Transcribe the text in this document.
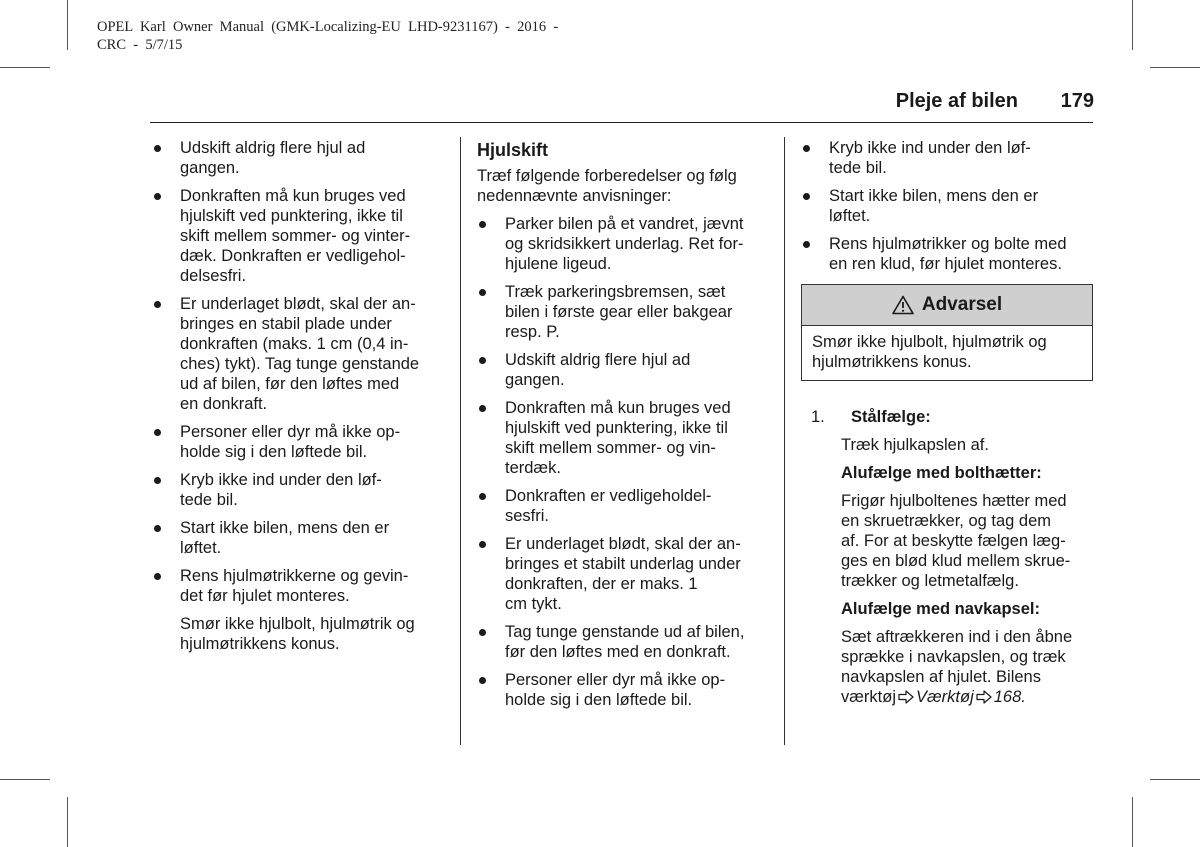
OPEL  Karl  Owner  Manual  (GMK-Localizing-EU  LHD-9231167)  -  2016  -
CRC  -  5/7/15
Pleje af bilen	179
Udskift aldrig flere hjul ad
gangen.
Donkraften må kun bruges ved
hjulskift ved punktering, ikke til
skift mellem sommer- og vinter-
dæk. Donkraften er vedligehol-
delsesfri.
Er underlaget blødt, skal der an-
bringes en stabil plade under
donkraften (maks. 1 cm (0,4 in-
ches) tykt). Tag tunge genstande
ud af bilen, før den løftes med
en donkraft.
Personer eller dyr må ikke op-
holde sig i den løftede bil.
Kryb ikke ind under den løf-
tede bil.
Start ikke bilen, mens den er
løftet.
Rens hjulmøtrikkerne og gevin-
det før hjulet monteres.
Smør ikke hjulbolt, hjulmøtrik og
hjulmøtrikkens konus.
Hjulskift
Træf følgende forberedelser og følg
nedennævnte anvisninger:
Parker bilen på et vandret, jævnt
og skridsikkert underlag. Ret for-
hjulene ligeud.
Træk parkeringsbremsen, sæt
bilen i første gear eller bakgear
resp. P.
Udskift aldrig flere hjul ad
gangen.
Donkraften må kun bruges ved
hjulskift ved punktering, ikke til
skift mellem sommer- og vin-
terdæk.
Donkraften er vedligeholdel-
sesfri.
Er underlaget blødt, skal der an-
bringes et stabilt underlag under
donkraften, der er maks. 1
cm tykt.
Tag tunge genstande ud af bilen,
før den løftes med en donkraft.
Personer eller dyr må ikke op-
holde sig i den løftede bil.
Kryb ikke ind under den løf-
tede bil.
Start ikke bilen, mens den er
løftet.
Rens hjulmøtrikker og bolte med
en ren klud, før hjulet monteres.
Advarsel
Smør ikke hjulbolt, hjulmøtrik og
hjulmøtrikkens konus.
1.	Stålfælge:
Træk hjulkapslen af.
Alufælge med bolthætter:
Frigør hjulboltenes hætter med
en skruetrækker, og tag dem
af. For at beskytte fælgen læg-
ges en blød klud mellem skrue-
trækker og letmetalfælg.
Alufælge med navkapsel:
Sæt aftrækkeren ind i den åbne
sprække i navkapslen, og træk
navkapslen af hjulet. Bilens
værktøj Værktøj 168.
